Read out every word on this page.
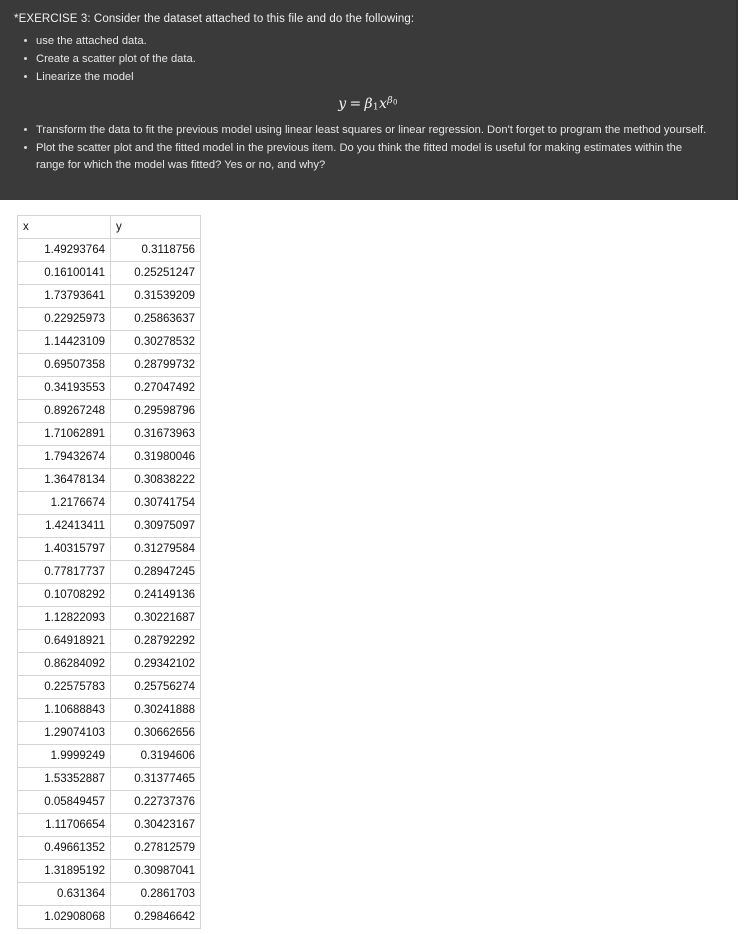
*EXERCISE 3: Consider the dataset attached to this file and do the following:

use the attached data.
Create a scatter plot of the data.
Linearize the model
$y = \beta_1x^{\beta_0}$
Transform the data to fit the previous model using linear least squares or linear regression. Don't forget to program the method yourself.
Plot the scatter plot and the fitted model in the previous item. Do you think the fitted model is useful for making estimates within the range for which the model was fitted? Yes or no, and why?
x	y
1.49293764	0.3118756
0.16100141	0.25251247
1.73793641	0.31539209
0.22925973	0.25863637
1.14423109	0.30278532
0.69507358	0.28799732
0.34193553	0.27047492
0.89267248	0.29598796
1.71062891	0.31673963
1.79432674	0.31980046
1.36478134	0.30838222
1.2176674	0.30741754
1.42413411	0.30975097
1.40315797	0.31279584
0.77817737	0.28947245
0.10708292	0.24149136
1.12822093	0.30221687
0.64918921	0.28792292
0.86284092	0.29342102
0.22575783	0.25756274
1.10688843	0.30241888
1.29074103	0.30662656
1.9999249	0.3194606
1.53352887	0.31377465
0.05849457	0.22737376
1.11706654	0.30423167
0.49661352	0.27812579
1.31895192	0.30987041
0.631364	0.2861703
1.02908068	0.29846642
